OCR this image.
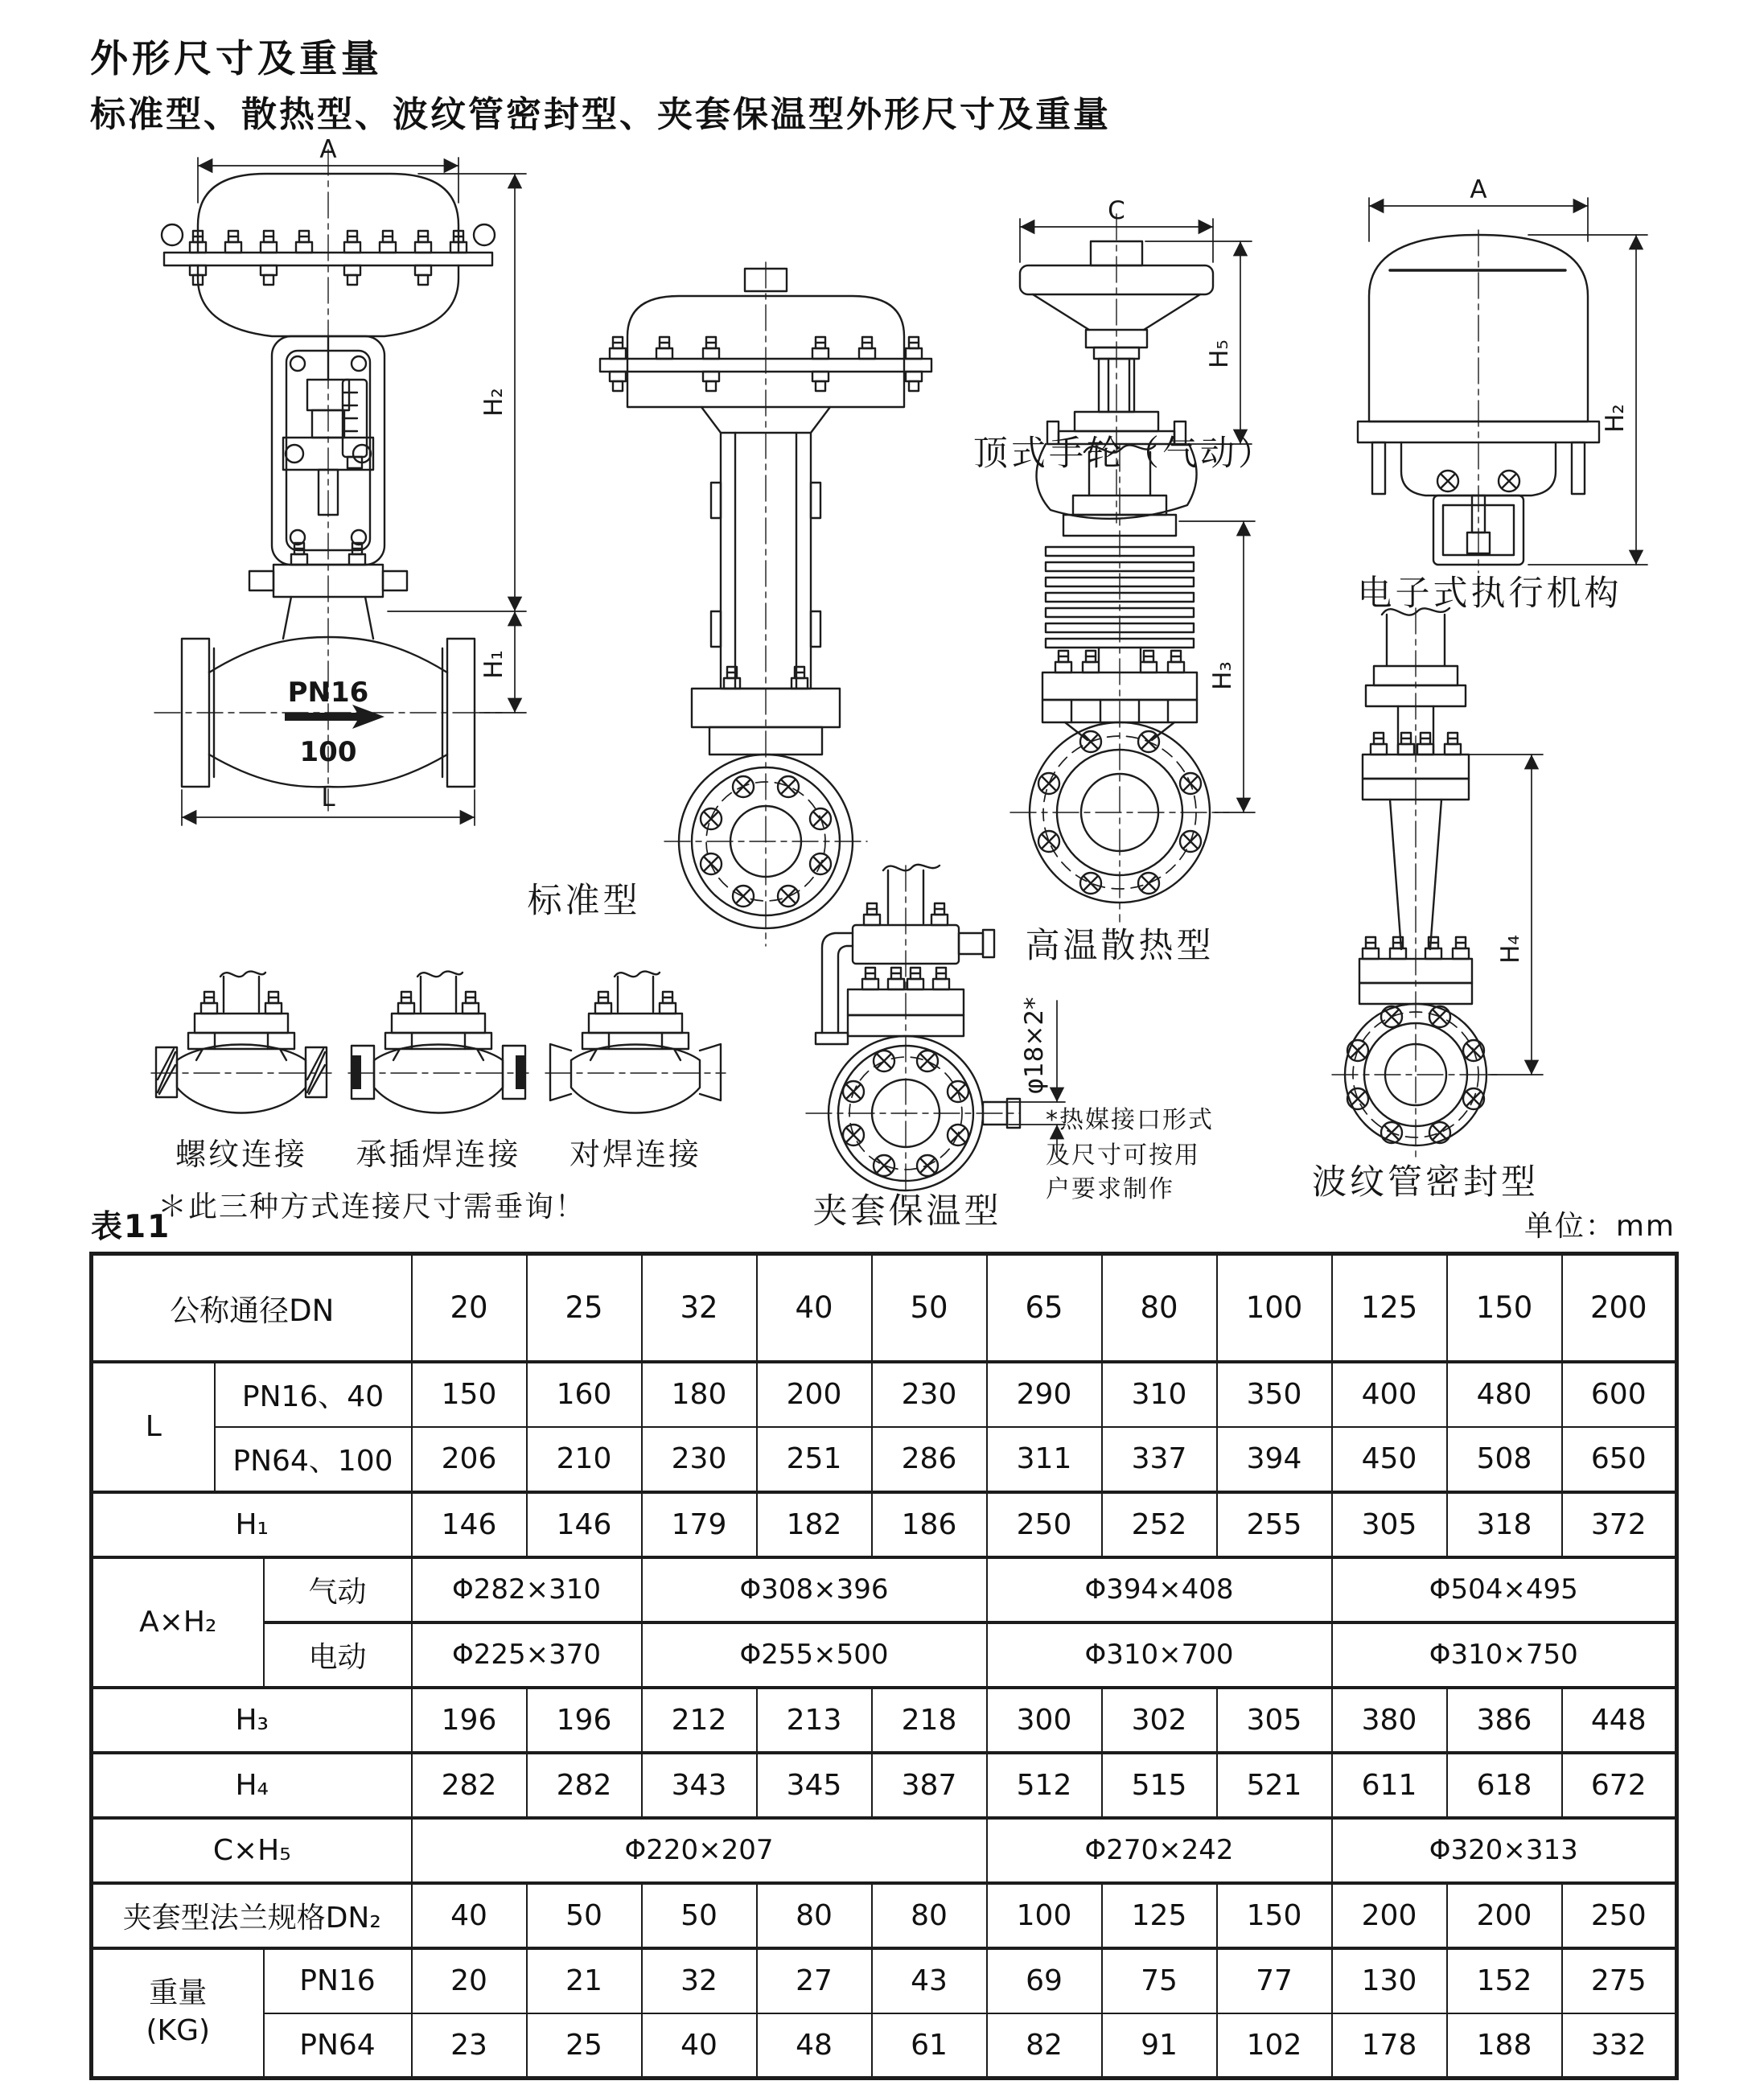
外形尺寸及重量
标准型、散热型、波纹管密封型、夹套保温型外形尺寸及重量
A
PN16
100
L
H₂
H₁
标准型
C
H₅
顶式手轮（气动）
A
H₂
电子式执行机构
H₃
高温散热型	H₄
波纹管密封型
φ18×2*
夹套保温型
*热媒接口形式
及尺寸可按用
户要求制作
螺纹连接 承插焊连接 对焊连接
＊此三种方式连接尺寸需垂询！
表11	单位：mm
公称通径DN			20	25	32	40	50	65	80	100	125	150	200
L	PN16、40		150	160	180	200	230	290	310	350	400	480	600
	PN64、100		206	210	230	251	286	311	337	394	450	508	650
H₁			146	146	179	182	186	250	252	255	305	318	372
A×H₂		气动	Φ282×310		Φ308×396			Φ394×408			Φ504×495		
		电动	Φ225×370		Φ255×500			Φ310×700			Φ310×750		
H₃			196	196	212	213	218	300	302	305	380	386	448
H₄			282	282	343	345	387	512	515	521	611	618	672
C×H₅			Φ220×207					Φ270×242			Φ320×313		
夹套型法兰规格DN₂			40	50	50	80	80	100	125	150	200	200	250

重量
(KG)		PN16	20	21	32	27	43	69	75	77	130	152	275
		PN64	23	25	40	48	61	82	91	102	178	188	332
